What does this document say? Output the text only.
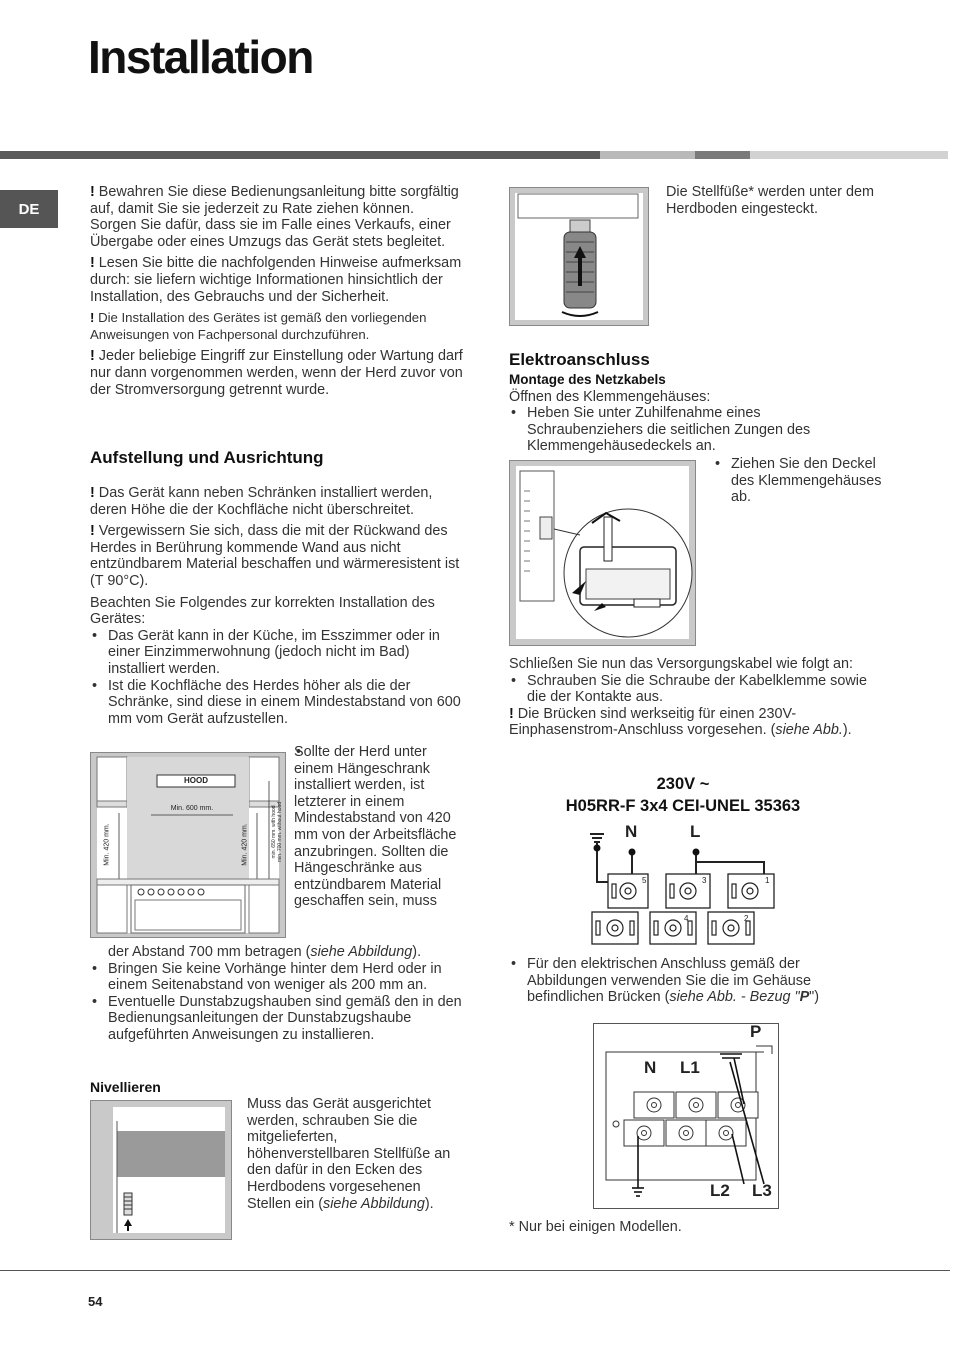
Installation
DE

! Bewahren Sie diese Bedienungsanleitung bitte sorgfältig auf, damit Sie sie jederzeit zu Rate ziehen können. Sorgen Sie dafür, dass sie im Falle eines Verkaufs, einer Übergabe oder eines Umzugs das Gerät stets begleitet.

! Lesen Sie bitte die nachfolgenden Hinweise aufmerksam durch: sie liefern wichtige Informationen hinsichtlich der Installation, des Gebrauchs und der Sicherheit.

! Die Installation des Gerätes ist gemäß den vorliegenden Anweisungen von Fachpersonal durchzuführen.

! Jeder beliebige Eingriff zur Einstellung oder Wartung darf nur dann vorgenommen werden, wenn der Herd zuvor von der Stromversorgung getrennt wurde.

Aufstellung und Ausrichtung

! Das Gerät kann neben Schränken installiert werden, deren Höhe die der Kochfläche nicht überschreitet.

! Vergewissern Sie sich, dass die mit der Rückwand des Herdes in Berührung kommende Wand aus nicht entzündbarem Material beschaffen und wärmeresistent ist (T 90°C).

Beachten Sie Folgendes zur korrekten Installation des Gerätes:

• Das Gerät kann in der Küche, im Esszimmer oder in einer Einzimmerwohnung (jedoch nicht im Bad) installiert werden.
• Ist die Kochfläche des Herdes höher als die der Schränke, sind diese in einem Mindestabstand von 600 mm vom Gerät aufzustellen.
HOOD
Min. 600 mm.
Min. 420 mm.	Min. 420 mm.	min. 650 mm. with hood min. 700 mm. without hood
• Sollte der Herd unter einem Hängeschrank installiert werden, ist letzterer in einem Mindestabstand von 420 mm von der Arbeitsfläche anzubringen. Sollten die Hängeschränke aus entzündbarem Material geschaffen sein, muss
der Abstand 700 mm betragen (siehe Abbildung).
• Bringen Sie keine Vorhänge hinter dem Herd oder in einem Seitenabstand von weniger als 200 mm an.
• Eventuelle Dunstabzugshauben sind gemäß den in den Bedienungsanleitungen der Dunstabzugshaube aufgeführten Anweisungen zu installieren.
Nivellieren
Muss das Gerät ausgerichtet werden, schrauben Sie die mitgelieferten, höhenverstellbaren Stellfüße an den dafür in den Ecken des Herdbodens vorgesehenen Stellen ein (siehe Abbildung).
Die Stellfüße* werden unter dem Herdboden eingesteckt.
Elektroanschluss
Montage des Netzkabels
Öffnen des Klemmengehäuses:
• Heben Sie unter Zuhilfenahme eines Schraubenziehers die seitlichen Zungen des Klemmengehäusedeckels an.
• Ziehen Sie den Deckel des Klemmengehäuses ab.
Schließen Sie nun das Versorgungskabel wie folgt an:
• Schrauben Sie die Schraube der Kabelklemme sowie die der Kontakte aus.
! Die Brücken sind werkseitig für einen 230V-Einphasenstrom-Anschluss vorgesehen. (siehe Abb.).
230V ~
H05RR-F 3x4 CEI-UNEL 35363
N	L
5	3	1
4	2
• Für den elektrischen Anschluss gemäß der Abbildungen verwenden Sie die im Gehäuse befindlichen Brücken (siehe Abb. - Bezug "P")
P
N L1
L2 L3
* Nur bei einigen Modellen.
54
